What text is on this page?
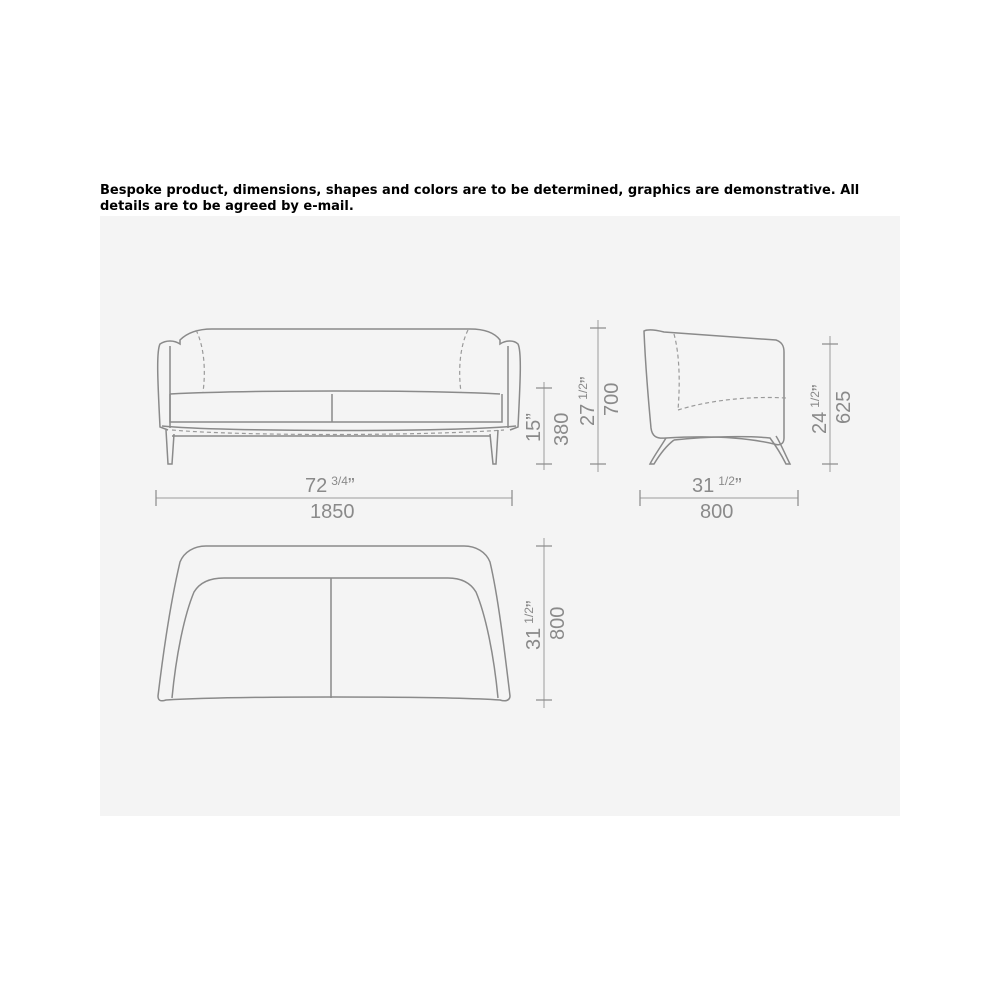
Bespoke product, dimensions, shapes and colors are to be determined, graphics are demonstrative. All details are to be agreed by e-mail.
72 $^{3/4}$”
1850
15” 380 $27^{1/2}$”
700
31 $^{1/2}$”
800
$24^{1/2}$”
625
$31^{1/2}$”
800
